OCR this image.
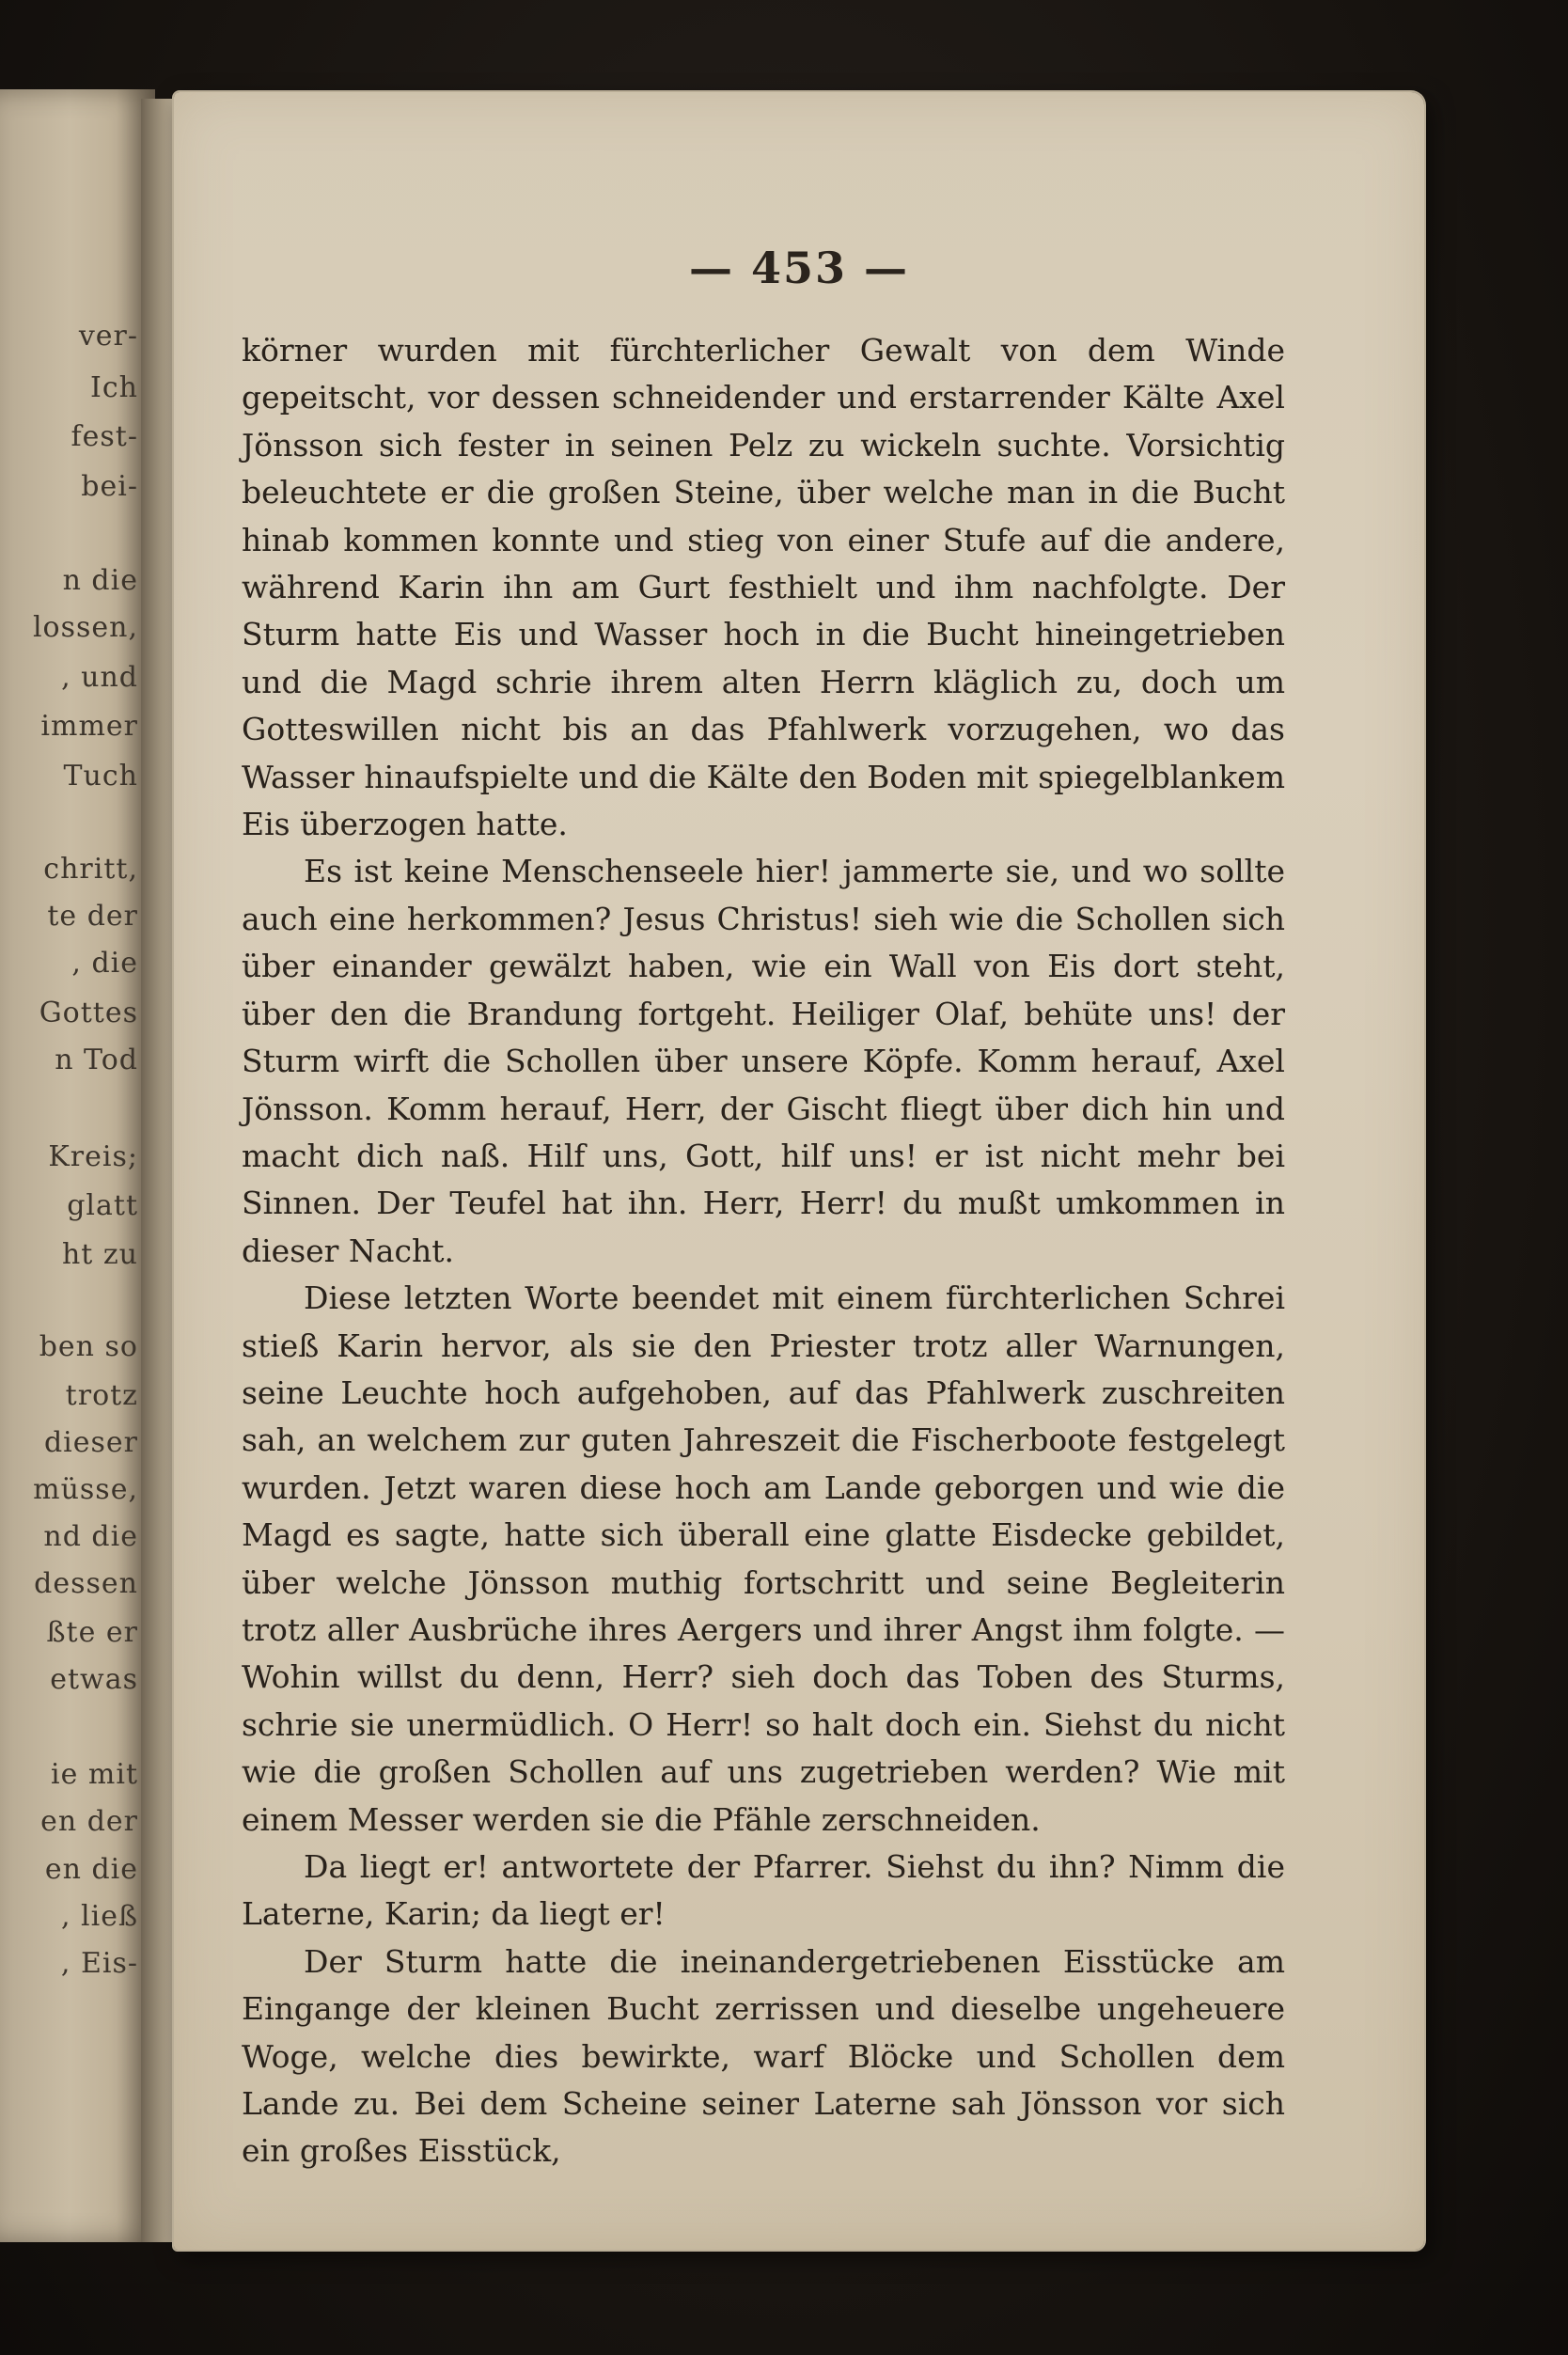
ver-
Ich
fest-
bei-
n die
lossen,
, und
immer
Tuch
chritt,
te der
, die
Gottes
n Tod
Kreis;
glatt
ht zu
ben so
trotz
dieser
müsse,
nd die
dessen
ßte er
etwas
ie mit
en der
en die
, ließ
, Eis-
— 453 —

körner wurden mit fürchterlicher Gewalt von dem Winde gepeitscht, vor dessen schneidender und erstarrender Kälte Axel Jönsson sich fester in seinen Pelz zu wickeln suchte. Vorsichtig beleuchtete er die großen Steine, über welche man in die Bucht hinab kommen konnte und stieg von einer Stufe auf die andere, während Karin ihn am Gurt festhielt und ihm nachfolgte. Der Sturm hatte Eis und Wasser hoch in die Bucht hineingetrieben und die Magd schrie ihrem alten Herrn kläglich zu, doch um Gotteswillen nicht bis an das Pfahlwerk vorzugehen, wo das Wasser hinaufspielte und die Kälte den Boden mit spiegelblankem Eis überzogen hatte.

Es ist keine Menschenseele hier! jammerte sie, und wo sollte auch eine herkommen? Jesus Christus! sieh wie die Schollen sich über einander gewälzt haben, wie ein Wall von Eis dort steht, über den die Brandung fortgeht. Heiliger Olaf, behüte uns! der Sturm wirft die Schollen über unsere Köpfe. Komm herauf, Axel Jönsson. Komm herauf, Herr, der Gischt fliegt über dich hin und macht dich naß. Hilf uns, Gott, hilf uns! er ist nicht mehr bei Sinnen. Der Teufel hat ihn. Herr, Herr! du mußt umkommen in dieser Nacht.

Diese letzten Worte beendet mit einem fürchterlichen Schrei stieß Karin hervor, als sie den Priester trotz aller Warnungen, seine Leuchte hoch aufgehoben, auf das Pfahlwerk zuschreiten sah, an welchem zur guten Jahreszeit die Fischerboote festgelegt wurden. Jetzt waren diese hoch am Lande geborgen und wie die Magd es sagte, hatte sich überall eine glatte Eisdecke gebildet, über welche Jönsson muthig fortschritt und seine Begleiterin trotz aller Ausbrüche ihres Aergers und ihrer Angst ihm folgte. — Wohin willst du denn, Herr? sieh doch das Toben des Sturms, schrie sie unermüdlich. O Herr! so halt doch ein. Siehst du nicht wie die großen Schollen auf uns zugetrieben werden? Wie mit einem Messer werden sie die Pfähle zerschneiden.

Da liegt er! antwortete der Pfarrer. Siehst du ihn? Nimm die Laterne, Karin; da liegt er!

Der Sturm hatte die ineinandergetriebenen Eisstücke am Eingange der kleinen Bucht zerrissen und dieselbe ungeheuere Woge, welche dies bewirkte, warf Blöcke und Schollen dem Lande zu. Bei dem Scheine seiner Laterne sah Jönsson vor sich ein großes Eisstück,
